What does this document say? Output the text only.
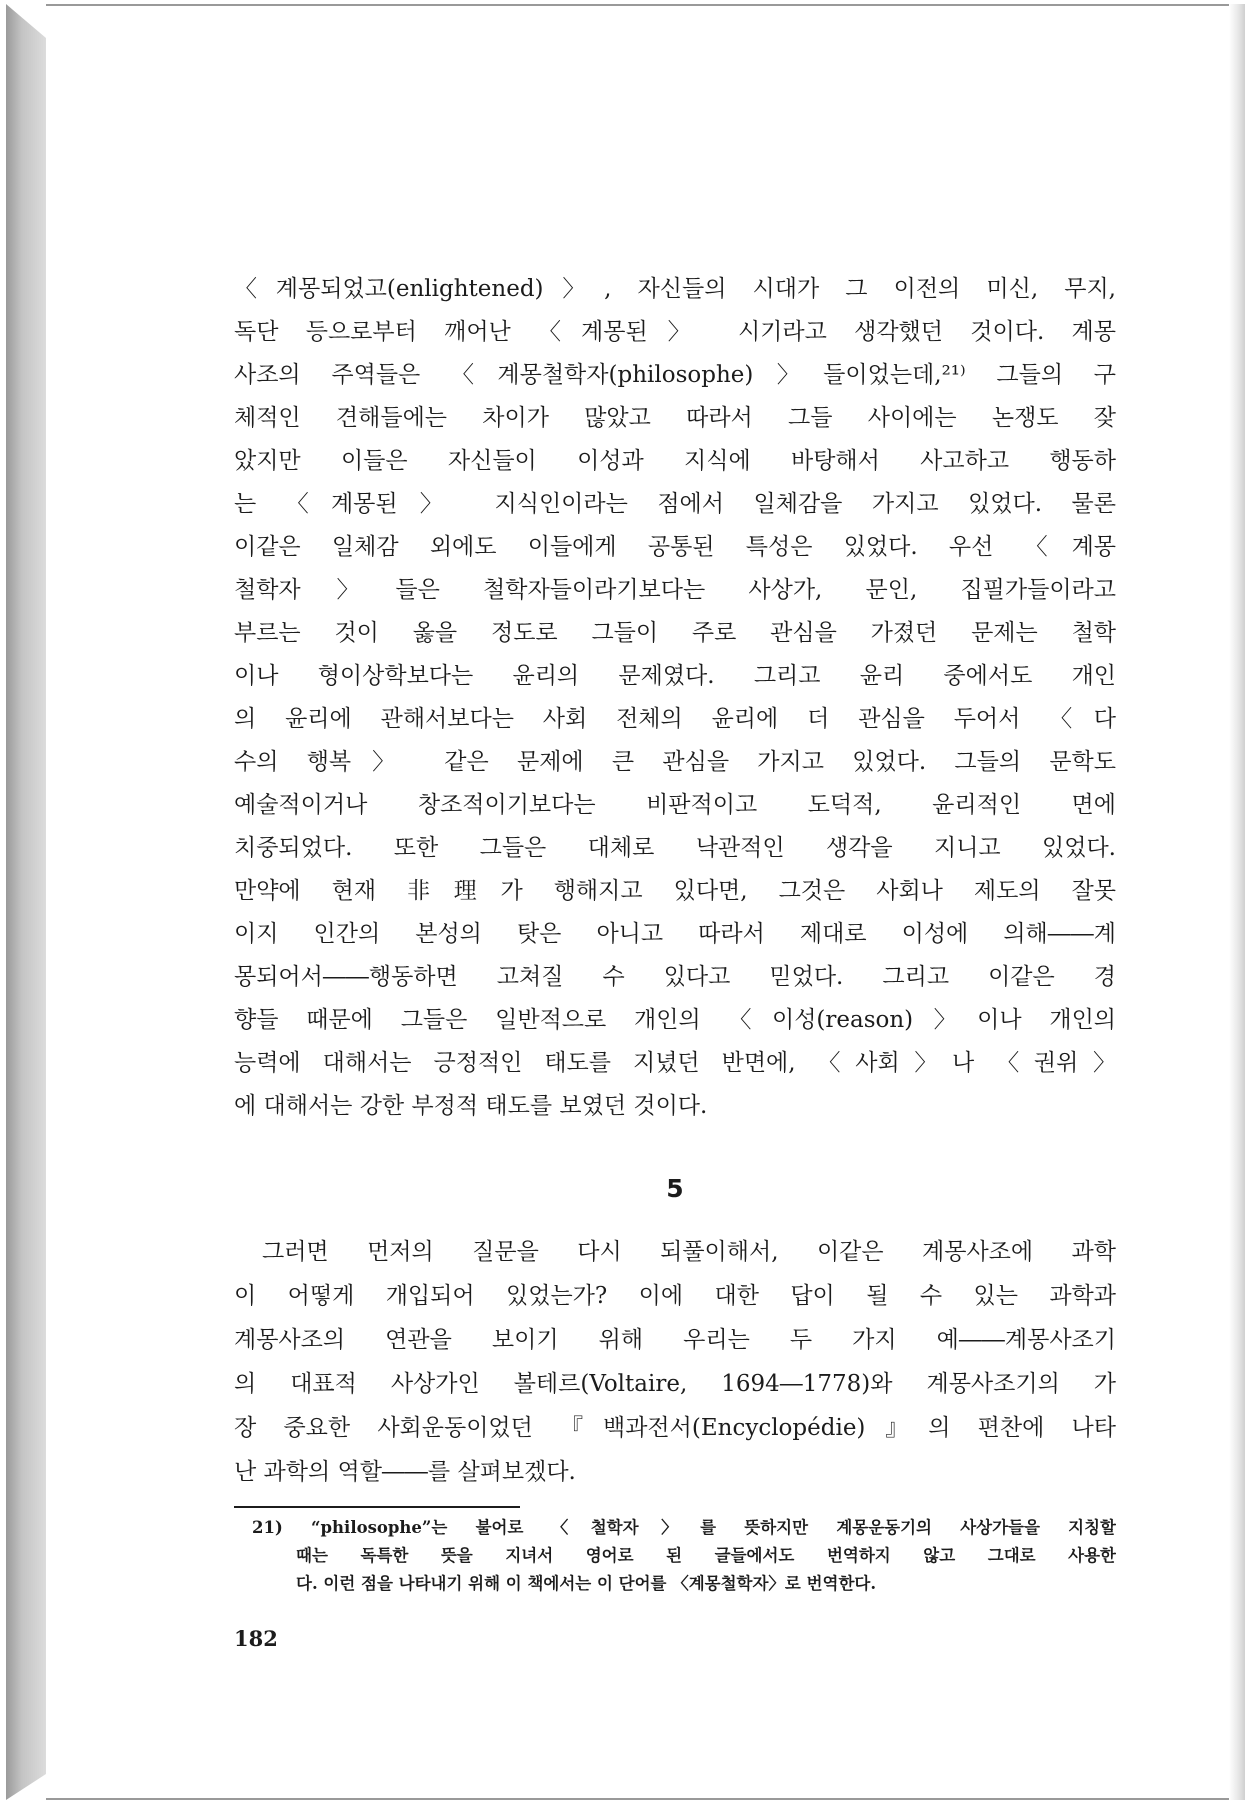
〈계몽되었고(enlightened)〉, 자신들의 시대가 그 이전의 미신, 무지,
독단 등으로부터 깨어난 〈계몽된〉 시기라고 생각했던 것이다. 계몽
사조의 주역들은 〈계몽철학자(philosophe)〉들이었는데,²¹⁾ 그들의 구
체적인 견해들에는 차이가 많았고 따라서 그들 사이에는 논쟁도 잦
았지만 이들은 자신들이 이성과 지식에 바탕해서 사고하고 행동하
는 〈계몽된〉 지식인이라는 점에서 일체감을 가지고 있었다. 물론
이같은 일체감 외에도 이들에게 공통된 특성은 있었다. 우선 〈계몽
철학자〉들은 철학자들이라기보다는 사상가, 문인, 집필가들이라고
부르는 것이 옳을 정도로 그들이 주로 관심을 가졌던 문제는 철학
이나 형이상학보다는 윤리의 문제였다. 그리고 윤리 중에서도 개인
의 윤리에 관해서보다는 사회 전체의 윤리에 더 관심을 두어서 〈다
수의 행복〉 같은 문제에 큰 관심을 가지고 있었다. 그들의 문학도
예술적이거나 창조적이기보다는 비판적이고 도덕적, 윤리적인 면에
치중되었다. 또한 그들은 대체로 낙관적인 생각을 지니고 있었다.
만약에 현재 非理가 행해지고 있다면, 그것은 사회나 제도의 잘못
이지 인간의 본성의 탓은 아니고 따라서 제대로 이성에 의해――계
몽되어서――행동하면 고쳐질 수 있다고 믿었다. 그리고 이같은 경
향들 때문에 그들은 일반적으로 개인의 〈이성(reason)〉이나 개인의
능력에 대해서는 긍정적인 태도를 지녔던 반면에, 〈사회〉나 〈권위〉
에 대해서는 강한 부정적 태도를 보였던 것이다.
5
그러면 먼저의 질문을 다시 되풀이해서, 이같은 계몽사조에 과학
이 어떻게 개입되어 있었는가? 이에 대한 답이 될 수 있는 과학과
계몽사조의 연관을 보이기 위해 우리는 두 가지 예――계몽사조기
의 대표적 사상가인 볼테르(Voltaire, 1694―1778)와 계몽사조기의 가
장 중요한 사회운동이었던 『백과전서(Encyclopédie)』의 편찬에 나타
난 과학의 역할――를 살펴보겠다.
21) “philosophe”는 불어로 〈철학자〉를 뜻하지만 계몽운동기의 사상가들을 지칭할
때는 독특한 뜻을 지녀서 영어로 된 글들에서도 번역하지 않고 그대로 사용한
다. 이런 점을 나타내기 위해 이 책에서는 이 단어를 〈계몽철학자〉로 번역한다.
182
